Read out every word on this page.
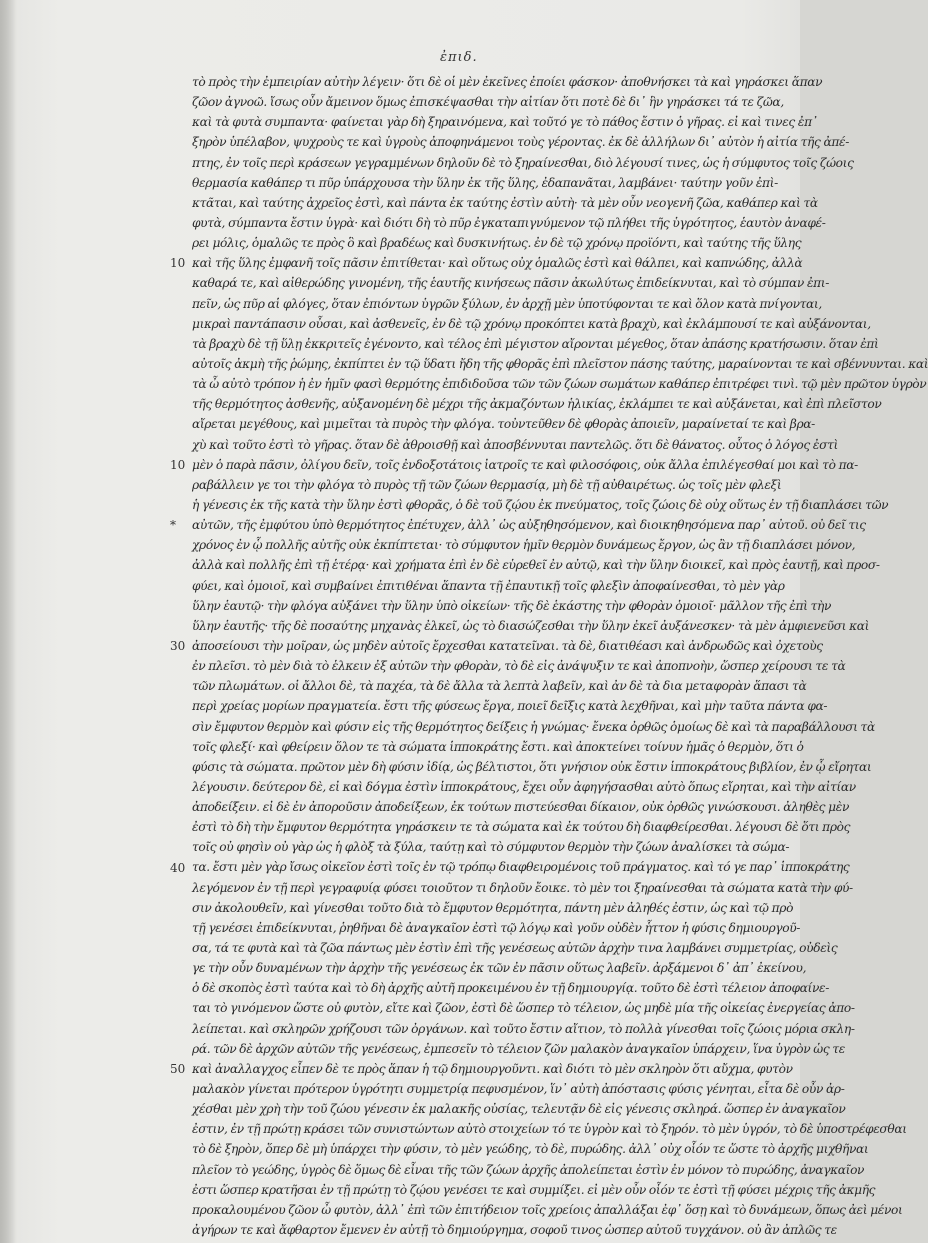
ἐπιδ.
τὸ πρὸς τὴν ἐμπειρίαν αὐτὴν λέγειν· ὅτι δὲ οἱ μὲν ἐκεῖνες ἐποίει φάσκον· ἀποθνήσκει τὰ καὶ γηράσκει ἅπαν
ζῶον ἀγνοῶ. ἴσως οὖν ἄμεινον ὅμως ἐπισκέψασθαι τὴν αἰτίαν ὅτι ποτὲ δὲ δι᾽ ἣν γηράσκει τά τε ζῶα,
καὶ τὰ φυτὰ συμπαντα· φαίνεται γὰρ δὴ ξηραινόμενα, καὶ τοῦτό γε τὸ πάθος ἔστιν ὁ γῆρας. εἰ καὶ τινες ἐπ᾽
ξηρὸν ὑπέλαβον, ψυχροὺς τε καὶ ὑγροὺς ἀποφηνάμενοι τοὺς γέροντας. ἐκ δὲ ἀλλήλων δι᾽ αὐτὸν ἡ αἰτία τῆς ἀπέ-
πτης, ἐν τοῖς περὶ κράσεων γεγραμμένων δηλοῦν δὲ τὸ ξηραίνεσθαι, διὸ λέγουσί τινες, ὡς ἡ σύμφυτος τοῖς ζώοις
θερμασία καθάπερ τι πῦρ ὑπάρχουσα τὴν ὕλην ἐκ τῆς ὕλης, ἐδαπανᾶται, λαμβάνει· ταύτην γοῦν ἐπὶ-
κτᾶται, καὶ ταύτης ἀχρεῖος ἐστὶ, καὶ πάντα ἐκ ταύτης ἐστὶν αὐτὴ· τὰ μὲν οὖν νεογενῆ ζῶα, καθάπερ καὶ τὰ
φυτὰ, σύμπαντα ἔστιν ὑγρὰ· καὶ διότι δὴ τὸ πῦρ ἐγκαταπιγνύμενον τῷ πλήθει τῆς ὑγρότητος, ἑαυτὸν ἀναφέ-
ρει μόλις, ὁμαλῶς τε πρὸς ὃ καὶ βραδέως καὶ δυσκινήτως. ἐν δὲ τῷ χρόνῳ προϊόντι, καὶ ταύτης τῆς ὕλης
καὶ τῆς ὕλης ἐμφανῆ τοῖς πᾶσιν ἐπιτίθεται· καὶ οὕτως οὐχ ὁμαλῶς ἐστὶ καὶ θάλπει, καὶ καπνώδης, ἀλλὰ
καθαρά τε, καὶ αἰθερώδης γινομένη, τῆς ἑαυτῆς κινήσεως πᾶσιν ἀκωλύτως ἐπιδείκνυται, καὶ τὸ σύμπαν ἐπι-
πεῖν, ὡς πῦρ αἱ φλόγες, ὅταν ἐπιόντων ὑγρῶν ξύλων, ἐν ἀρχῇ μὲν ὑποτύφονται τε καὶ ὅλον κατὰ πνίγονται,
μικραὶ παντάπασιν οὖσαι, καὶ ἀσθενεῖς, ἐν δὲ τῷ χρόνῳ προκόπτει κατὰ βραχὺ, καὶ ἐκλάμπουσί τε καὶ αὐξάνονται,
τὰ βραχὺ δὲ τῇ ὕλῃ ἐκκριτεῖς ἐγένοντο, καὶ τέλος ἐπὶ μέγιστον αἴρονται μέγεθος, ὅταν ἀπάσης κρατήσωσιν. ὅταν ἐπὶ
αὐτοῖς ἀκμὴ τῆς ῥώμης, ἐκπίπτει ἐν τῷ ὕδατι ἤδη τῆς φθορᾶς ἐπὶ πλεῖστον πάσης ταύτης, μαραίνονται τε καὶ σβέννυνται. καὶ
τὰ ὦ αὐτὸ τρόπον ἡ ἐν ἡμῖν φασὶ θερμότης ἐπιδιδοῦσα τῶν τῶν ζώων σωμάτων καθάπερ ἐπιτρέφει τινὶ. τῷ μὲν πρῶτον ὑγρὸν
τῆς θερμότητος ἀσθενῆς, αὐξανομένη δὲ μέχρι τῆς ἀκμαζόντων ἡλικίας, ἐκλάμπει τε καὶ αὐξάνεται, καὶ ἐπὶ πλεῖστον
αἴρεται μεγέθους, καὶ μιμεῖται τὰ πυρὸς τὴν φλόγα. τοὐντεῦθεν δὲ φθορὰς ἀποιεῖν, μαραίνεταί τε καὶ βρα-
χὺ καὶ τοῦτο ἐστὶ τὸ γῆρας. ὅταν δὲ ἀθροισθῇ καὶ ἀποσβέννυται παντελῶς. ὅτι δὲ θάνατος. οὗτος ὁ λόγος ἐστὶ
μὲν ὁ παρὰ πᾶσιν, ὀλίγου δεῖν, τοῖς ἐνδοξοτάτοις ἰατροῖς τε καὶ φιλοσόφοις, οὐκ ἄλλα ἐπιλέγεσθαί μοι καὶ τὸ πα-
ραβάλλειν γε τοι τὴν φλόγα τὸ πυρὸς τῇ τῶν ζώων θερμασίᾳ, μὴ δὲ τῇ αὐθαιρέτως. ὡς τοῖς μὲν φλεξὶ
ἡ γένεσις ἐκ τῆς κατὰ τὴν ὕλην ἐστὶ φθορᾶς, ὁ δὲ τοῦ ζῴου ἐκ πνεύματος, τοῖς ζώοις δὲ οὐχ οὕτως ἐν τῇ διαπλάσει τῶν
αὐτῶν, τῆς ἐμφύτου ὑπὸ θερμότητος ἐπέτυχεν, ἀλλ᾽ ὡς αὐξηθησόμενον, καὶ διοικηθησόμενα παρ᾽ αὐτοῦ. οὐ δεῖ τις
χρόνος ἐν ᾧ πολλῆς αὐτῆς οὐκ ἐκπίπτεται· τὸ σύμφυτον ἡμῖν θερμὸν δυνάμεως ἔργον, ὡς ἂν τῇ διαπλάσει μόνον,
ἀλλὰ καὶ πολλῆς ἐπὶ τῇ ἑτέρᾳ· καὶ χρήματα ἐπὶ ἐν δὲ εὑρεθεῖ ἐν αὐτῷ, καὶ τὴν ὕλην διοικεῖ, καὶ πρὸς ἑαυτῇ, καὶ προσ-
φύει, καὶ ὁμοιοῖ, καὶ συμβαίνει ἐπιτιθέναι ἅπαντα τῇ ἐπαυτικῇ τοῖς φλεξὶν ἀποφαίνεσθαι, τὸ μὲν γὰρ
ὕλην ἑαυτῷ· τὴν φλόγα αὐξάνει τὴν ὕλην ὑπὸ οἰκείων· τῆς δὲ ἑκάστης τὴν φθορὰν ὁμοιοῖ· μᾶλλον τῆς ἐπὶ τὴν
ὕλην ἑαυτῆς· τῆς δὲ ποσαύτης μηχανὰς ἐλκεῖ, ὡς τὸ διασώζεσθαι τὴν ὕλην ἐκεῖ ἀυξάνεσκεν· τὰ μὲν ἀμφιενεῦσι καὶ
ἀποσείουσι τὴν μοῖραν, ὡς μηδὲν αὐτοῖς ἔρχεσθαι κατατεῖναι. τὰ δὲ, διατιθέασι καὶ ἀνδρωδῶς καὶ ὀχετοὺς
ἐν πλεῖσι. τὸ μὲν διὰ τὸ ἑλκειν ἐξ αὐτῶν τὴν φθορὰν, τὸ δὲ εἰς ἀνάψυξιν τε καὶ ἀποπνοὴν, ὥσπερ χείρουσι τε τὰ
τῶν πλωμάτων. οἱ ἄλλοι δὲ, τὰ παχέα, τὰ δὲ ἄλλα τὰ λεπτὰ λαβεῖν, καὶ ἀν δὲ τὰ δια μεταφορὰν ἅπασι τὰ
περὶ χρείας μορίων πραγματεία. ἔστι τῆς φύσεως ἔργα, ποιεῖ δεῖξις κατὰ λεχθῆναι, καὶ μὴν ταῦτα πάντα φα-
σὶν ἔμφυτον θερμὸν καὶ φύσιν εἰς τῆς θερμότητος δείξεις ἡ γνώμας· ἔνεκα ὀρθῶς ὁμοίως δὲ καὶ τὰ παραβάλλουσι τὰ
τοῖς φλεξί· καὶ φθείρειν ὅλον τε τὰ σώματα ἱπποκράτης ἔστι. καὶ ἀποκτείνει τοίνυν ἡμᾶς ὁ θερμὸν, ὅτι ὁ
φύσις τὰ σώματα. πρῶτον μὲν δὴ φύσιν ἰδίᾳ, ὡς βέλτιστοι, ὅτι γνήσιον οὐκ ἔστιν ἱπποκράτους βιβλίον, ἐν ᾧ εἴρηται
λέγουσιν. δεύτερον δὲ, εἰ καὶ δόγμα ἐστὶν ἱπποκράτους, ἔχει οὖν ἀφηγήσασθαι αὐτὸ ὅπως εἴρηται, καὶ τὴν αἰτίαν
ἀποδείξειν. εἰ δὲ ἐν ἀποροῦσιν ἀποδείξεων, ἐκ τούτων πιστεύεσθαι δίκαιον, οὐκ ὀρθῶς γινώσκουσι. ἀληθὲς μὲν
ἐστὶ τὸ δὴ τὴν ἔμφυτον θερμότητα γηράσκειν τε τὰ σώματα καὶ ἐκ τούτου δὴ διαφθείρεσθαι. λέγουσι δὲ ὅτι πρὸς
τοῖς οὐ φησὶν οὐ γὰρ ὡς ἡ φλὸξ τὰ ξύλα, ταύτῃ καὶ τὸ σύμφυτον θερμὸν τὴν ζώων ἀναλίσκει τὰ σώμα-
τα. ἔστι μὲν γὰρ ἴσως οἰκεῖον ἐστὶ τοῖς ἐν τῷ τρόπῳ διαφθειρομένοις τοῦ πράγματος. καὶ τό γε παρ᾽ ἱπποκράτης
λεγόμενον ἐν τῇ περὶ γεγραφυίᾳ φύσει τοιοῦτον τι δηλοῦν ἔοικε. τὸ μὲν τοι ξηραίνεσθαι τὰ σώματα κατὰ τὴν φύ-
σιν ἀκολουθεῖν, καὶ γίνεσθαι τοῦτο διὰ τὸ ἔμφυτον θερμότητα, πάντη μὲν ἀληθές ἐστιν, ὡς καὶ τῷ πρὸ
τῇ γενέσει ἐπιδείκνυται, ῥηθῆναι δὲ ἀναγκαῖον ἐστὶ τῷ λόγῳ καὶ γοῦν οὐδὲν ἧττον ἡ φύσις δημιουργοῦ-
σα, τά τε φυτὰ καὶ τὰ ζῶα πάντως μὲν ἐστὶν ἐπὶ τῆς γενέσεως αὐτῶν ἀρχὴν τινα λαμβάνει συμμετρίας, οὐδεὶς
γε τὴν οὖν δυναμένων τὴν ἀρχὴν τῆς γενέσεως ἐκ τῶν ἐν πᾶσιν οὕτως λαβεῖν. ἀρξάμενοι δ᾽ ἀπ᾽ ἐκείνου,
ὁ δὲ σκοπὸς ἐστὶ ταύτα καὶ τὸ δὴ ἀρχῆς αὐτῆ προκειμένου ἐν τῇ δημιουργίᾳ. τοῦτο δὲ ἐστὶ τέλειον ἀποφαίνε-
ται τὸ γινόμενον ὥστε οὐ φυτὸν, εἴτε καὶ ζῶον, ἐστὶ δὲ ὥσπερ τὸ τέλειον, ὡς μηδὲ μία τῆς οἰκείας ἐνεργείας ἀπο-
λείπεται. καὶ σκληρῶν χρήζουσι τῶν ὀργάνων. καὶ τοῦτο ἔστιν αἴτιον, τὸ πολλὰ γίνεσθαι τοῖς ζώοις μόρια σκλη-
ρά. τῶν δὲ ἀρχῶν αὐτῶν τῆς γενέσεως, ἐμπεσεῖν τὸ τέλειον ζῶν μαλακὸν ἀναγκαῖον ὑπάρχειν, ἵνα ὑγρὸν ὡς τε
καὶ ἀναλλαγχος εἶπεν δὲ τε πρὸς ἅπαν ἡ τῷ δημιουργοῦντι. καὶ διότι τὸ μὲν σκληρὸν ὅτι αὔχμα, φυτὸν
μαλακὸν γίνεται πρότερον ὑγρότητι συμμετρίᾳ πεφυσμένον, ἵν᾽ αὐτὴ ἀπόστασις φύσις γένηται, εἶτα δὲ οὖν ἀρ-
χέσθαι μὲν χρὴ τὴν τοῦ ζώου γένεσιν ἐκ μαλακῆς οὐσίας, τελευτᾷν δὲ εἰς γένεσις σκληρά. ὥσπερ ἐν ἀναγκαῖον
ἐστιν, ἐν τῇ πρώτῃ κράσει τῶν συνιστώντων αὐτὸ στοιχείων τό τε ὑγρὸν καὶ τὸ ξηρόν. τὸ μὲν ὑγρόν, τὸ δὲ ὑποστρέφεσθαι
τὸ δὲ ξηρὸν, ὅπερ δὲ μὴ ὑπάρχει τὴν φύσιν, τὸ μὲν γεώδης, τὸ δὲ, πυρώδης. ἀλλ᾽ οὐχ οἷόν τε ὥστε τὸ ἀρχῆς μιχθῆναι
πλεῖον τὸ γεώδης, ὑγρὸς δὲ ὅμως δὲ εἶναι τῆς τῶν ζώων ἀρχῆς ἀπολείπεται ἐστὶν ἐν μόνον τὸ πυρώδης, ἀναγκαῖον
ἐστι ὥσπερ κρατῆσαι ἐν τῇ πρώτῃ τὸ ζῴου γενέσει τε καὶ συμμίξει. εἰ μὲν οὖν οἷόν τε ἐστὶ τῇ φύσει μέχρις τῆς ἀκμῆς
προκαλουμένου ζῶον ὦ φυτὸν, ἀλλ᾽ ἐπὶ τῶν ἐπιτήδειον τοῖς χρείοις ἀπαλλάξαι ἐφ᾽ ὅσῃ καὶ τὸ δυνάμεων, ὅπως ἀεὶ μένοι
ἀγήρων τε καὶ ἄφθαρτον ἔμενεν ἐν αὐτῇ τὸ δημιούργημα, σοφοῦ τινος ὡσπερ αὐτοῦ τυγχάνον. οὐ ἂν ἀπλῶς τε
10
10
*
30
40
50
